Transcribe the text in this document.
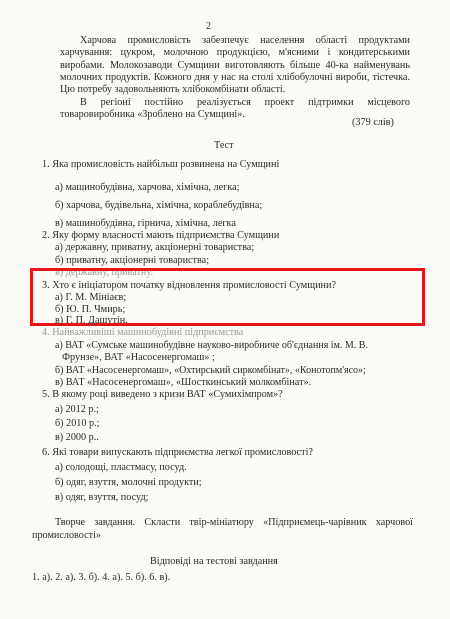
2
Харчова промисловість забезпечує населення області продуктами
харчування: цукром, молочною продукцією, м'ясними і кондитерськими
виробами. Молокозаводи Сумщини виготовляють більше 40-ка найменувань
молочних продуктів. Кожного дня у нас на столі хлібобулочні вироби, тістечка.
Цю потребу задовольняють хлібокомбінати області.
В регіоні постійно реалізується проект підтримки місцевого
товаровиробника «Зроблено на Сумщині».
(379 слів)
Тест
1. Яка промисловість найбільш розвинена на Сумщині
а) машинобудівна, харчова, хімічна, легка;
б) харчова, будівельна, хімічна, кораблебудівна;
в) машинобудівна, гірнича, хімічна, легка
2. Яку форму власності мають підприємства Сумщини
а) державну, приватну, акціонерні товариства;
б) приватну, акціонерні товариства;
в) державну, приватну.
3. Хто є ініціатором початку відновлення промисловості Сумщини?
а) Г. М. Мініаєв;
б) Ю. П. Чмирь;
в) Г. П. Дашутін.
4. Найважливіші машинобудівні підприємства
а) ВАТ «Сумське машинобудівне науково-виробниче об'єднання ім. М. В.
Фрунзе», ВАТ «Насосенергомаш» ;
б) ВАТ «Насосенергомаш», «Охтирський сиркомбінат», «Конотопм'ясо»;
в) ВАТ «Насосенергомаш», «Шосткинський молкомбінат».
5. В якому році виведено з кризи ВАТ «Сумихімпром»?
а) 2012 р.;
б) 2010 р.;
в) 2000 р..
6. Які товари випускають підприємства легкої промисловості?
а) солодощі, пластмасу, посуд.
б) одяг, взуття, молочні продукти;
в) одяг, взуття, посуд;
Творче завдання. Скласти твір-мініатюру «Підприємець-чарівник харчової
промисловості»
Відповіді на тестові завдання
1. а). 2. а). 3. б). 4. а). 5. б). 6. в).
